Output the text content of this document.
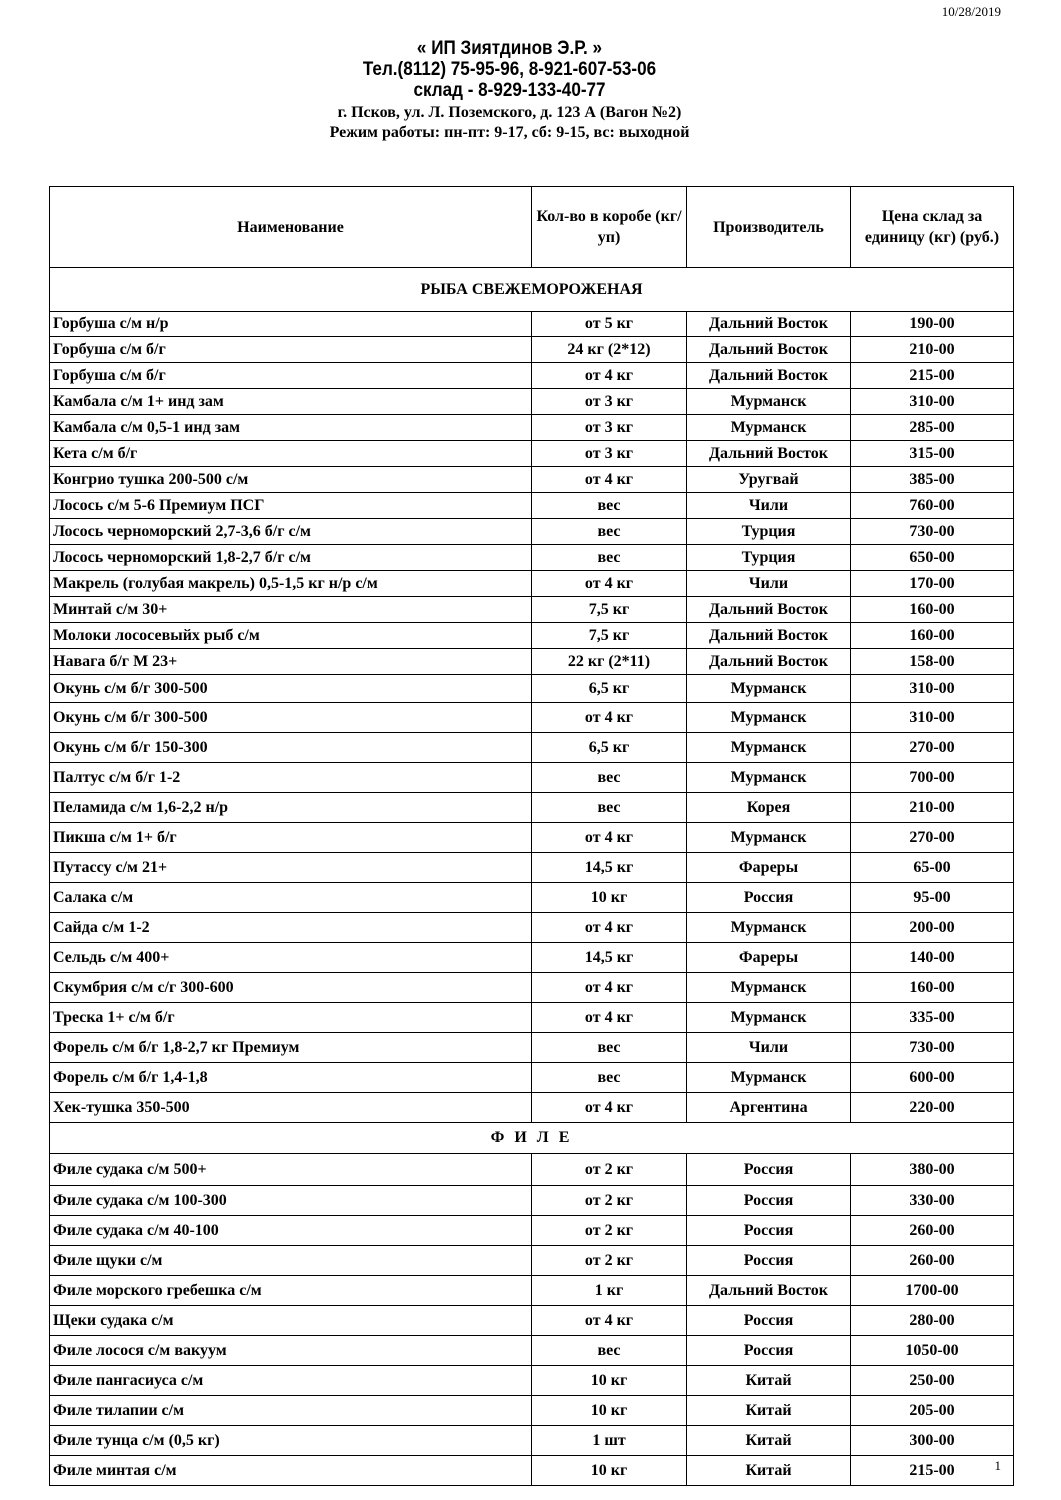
10/28/2019
« ИП Зиятдинов Э.Р. »
Тел.(8112) 75-95-96, 8-921-607-53-06
склад - 8-929-133-40-77
г. Псков, ул. Л. Поземского, д. 123 А (Вагон №2)
Режим работы: пн-пт: 9-17, сб: 9-15, вс: выходной
Наименование	Кол-во в коробе (кг/уп)	Производитель	Цена склад за единицу (кг) (руб.)
РЫБА СВЕЖЕМОРОЖЕНАЯ			
Горбуша с/м н/р	от 5 кг	Дальний Восток	190-00
Горбуша с/м б/г	24 кг (2*12)	Дальний Восток	210-00
Горбуша с/м б/г	от 4 кг	Дальний Восток	215-00
Камбала с/м 1+ инд зам	от 3 кг	Мурманск	310-00
Камбала с/м 0,5-1 инд зам	от 3 кг	Мурманск	285-00
Кета с/м б/г	от 3 кг	Дальний Восток	315-00
Конгрио тушка 200-500 с/м	от 4 кг	Уругвай	385-00
Лосось с/м 5-6 Премиум ПСГ	вес	Чили	760-00
Лосось черноморский 2,7-3,6 б/г с/м	вес	Турция	730-00
Лосось черноморский 1,8-2,7 б/г с/м	вес	Турция	650-00
Макрель (голубая макрель) 0,5-1,5 кг н/р с/м	от 4 кг	Чили	170-00
Минтай с/м 30+	7,5 кг	Дальний Восток	160-00
Молоки лососевыйх рыб с/м	7,5 кг	Дальний Восток	160-00
Навага б/г М 23+	22 кг (2*11)	Дальний Восток	158-00
Окунь с/м б/г 300-500	6,5 кг	Мурманск	310-00
Окунь с/м б/г 300-500	от 4 кг	Мурманск	310-00
Окунь с/м б/г 150-300	6,5 кг	Мурманск	270-00
Палтус с/м б/г 1-2	вес	Мурманск	700-00
Пеламида с/м 1,6-2,2 н/р	вес	Корея	210-00
Пикша с/м 1+ б/г	от 4 кг	Мурманск	270-00
Путассу с/м 21+	14,5 кг	Фареры	65-00
Салака с/м	10 кг	Россия	95-00
Сайда с/м 1-2	от 4 кг	Мурманск	200-00
Сельдь с/м 400+	14,5 кг	Фареры	140-00
Скумбрия с/м с/г 300-600	от 4 кг	Мурманск	160-00
Треска 1+ с/м б/г	от 4 кг	Мурманск	335-00
Форель с/м б/г 1,8-2,7 кг Премиум	вес	Чили	730-00
Форель с/м б/г 1,4-1,8	вес	Мурманск	600-00
Хек-тушка 350-500	от 4 кг	Аргентина	220-00
Ф И Л Е			
Филе судака с/м 500+	от 2 кг	Россия	380-00
Филе судака с/м 100-300	от 2 кг	Россия	330-00
Филе судака с/м 40-100	от 2 кг	Россия	260-00
Филе щуки с/м	от 2 кг	Россия	260-00
Филе морского гребешка с/м	1 кг	Дальний Восток	1700-00
Щеки судака с/м	от 4 кг	Россия	280-00
Филе лосося с/м вакуум	вес	Россия	1050-00
Филе пангасиуса с/м	10 кг	Китай	250-00
Филе тилапии с/м	10 кг	Китай	205-00
Филе тунца с/м (0,5 кг)	1 шт	Китай	300-00
Филе минтая с/м	10 кг	Китай	215-00	1
